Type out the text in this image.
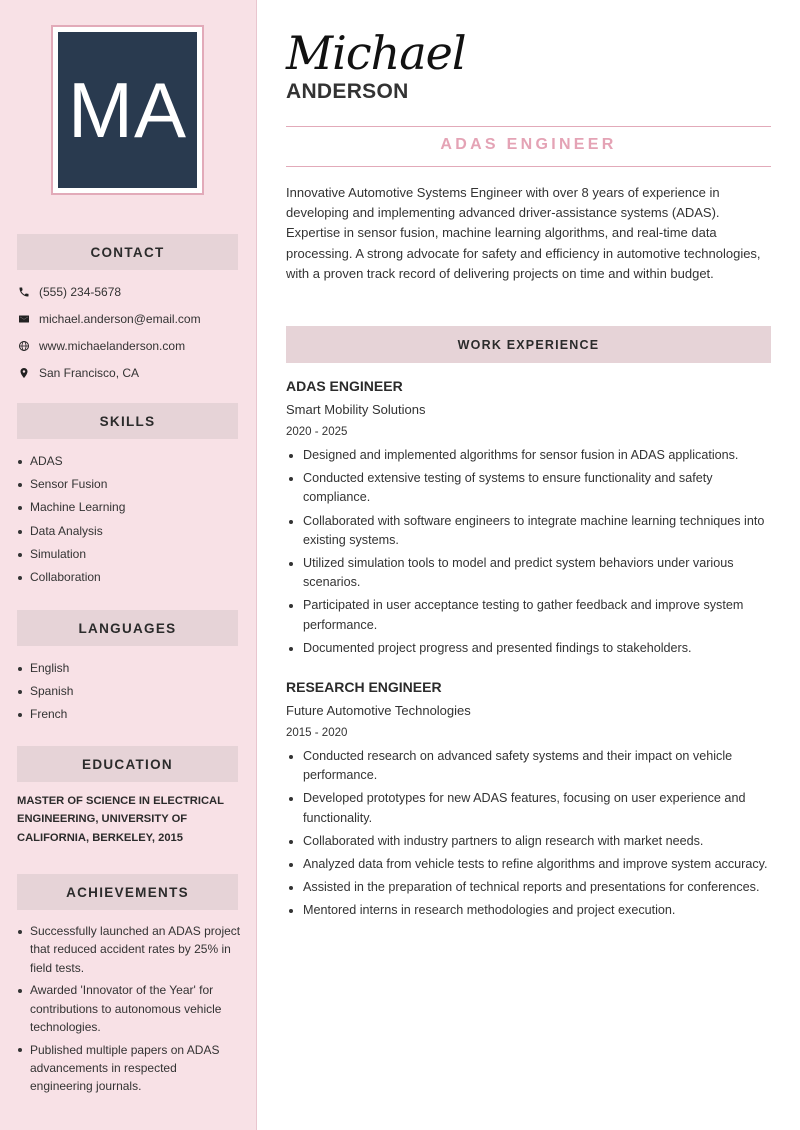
MA
CONTACT
(555) 234-5678
michael.anderson@email.com
www.michaelanderson.com
San Francisco, CA
SKILLS
ADAS
Sensor Fusion
Machine Learning
Data Analysis
Simulation
Collaboration
LANGUAGES
English
Spanish
French
EDUCATION
MASTER OF SCIENCE IN ELECTRICAL ENGINEERING, UNIVERSITY OF CALIFORNIA, BERKELEY, 2015
ACHIEVEMENTS
Successfully launched an ADAS project that reduced accident rates by 25% in field tests.
Awarded 'Innovator of the Year' for contributions to autonomous vehicle technologies.
Published multiple papers on ADAS advancements in respected engineering journals.
Michael
ANDERSON
ADAS ENGINEER
Innovative Automotive Systems Engineer with over 8 years of experience in developing and implementing advanced driver-assistance systems (ADAS). Expertise in sensor fusion, machine learning algorithms, and real-time data processing. A strong advocate for safety and efficiency in automotive technologies, with a proven track record of delivering projects on time and within budget.
WORK EXPERIENCE
ADAS ENGINEER
Smart Mobility Solutions
2020 - 2025
Designed and implemented algorithms for sensor fusion in ADAS applications.
Conducted extensive testing of systems to ensure functionality and safety compliance.
Collaborated with software engineers to integrate machine learning techniques into existing systems.
Utilized simulation tools to model and predict system behaviors under various scenarios.
Participated in user acceptance testing to gather feedback and improve system performance.
Documented project progress and presented findings to stakeholders.
RESEARCH ENGINEER
Future Automotive Technologies
2015 - 2020
Conducted research on advanced safety systems and their impact on vehicle performance.
Developed prototypes for new ADAS features, focusing on user experience and functionality.
Collaborated with industry partners to align research with market needs.
Analyzed data from vehicle tests to refine algorithms and improve system accuracy.
Assisted in the preparation of technical reports and presentations for conferences.
Mentored interns in research methodologies and project execution.
